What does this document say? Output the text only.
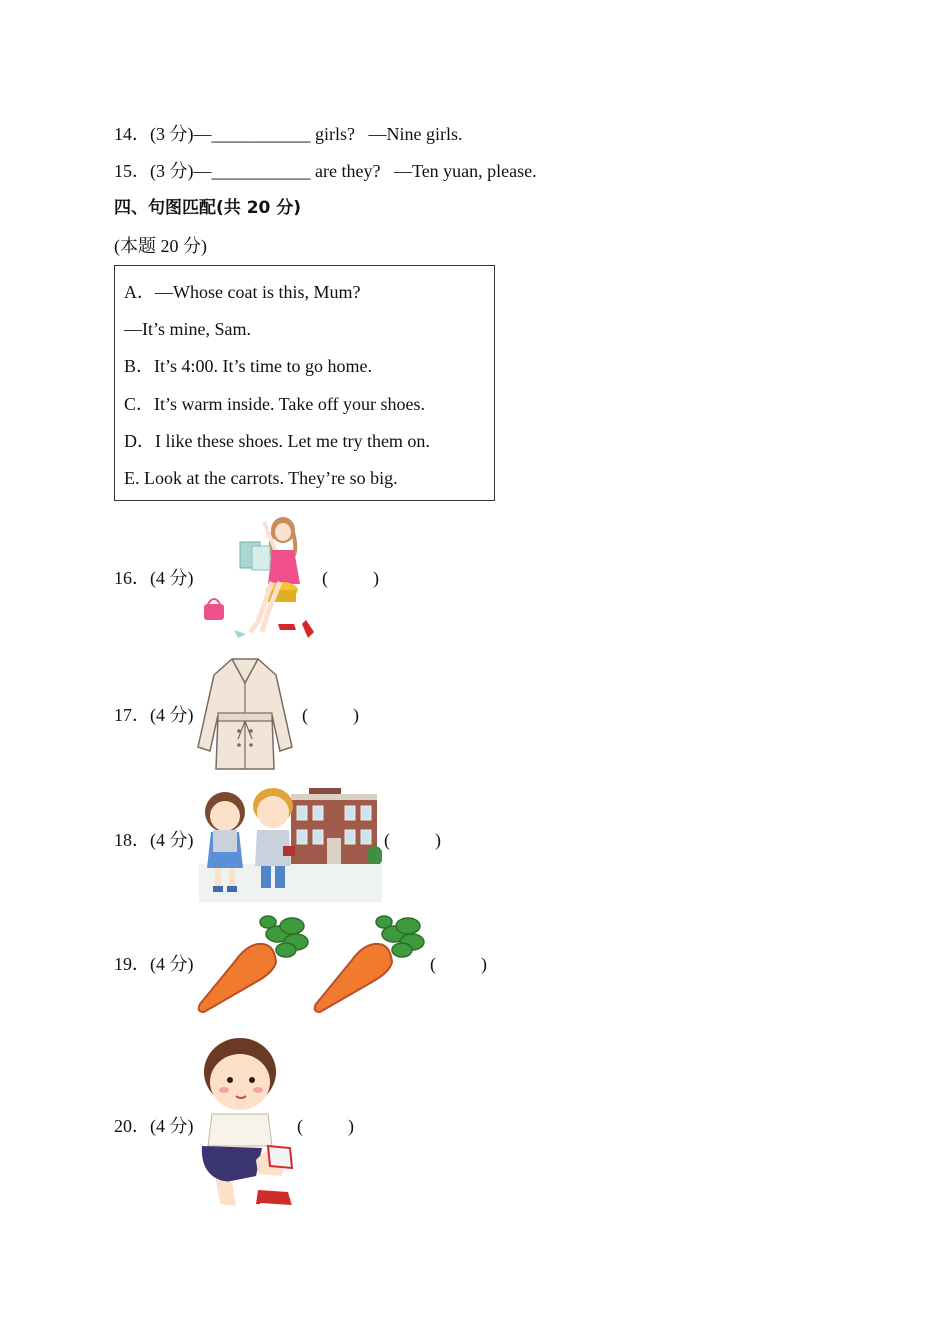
14．(3 分)—___________ girls?   —Nine girls.
15．(3 分)—___________ are they?   —Ten yuan, please.
四、句图匹配(共 20 分)
(本题 20 分)
A．—Whose coat is this, Mum?
—It’s mine, Sam.
B．It’s 4:00. It’s time to go home.
C．It’s warm inside. Take off your shoes.
D．I like these shoes. Let me try them on.
E. Look at the carrots. They’re so big.
16．(4 分)	(          )
17．(4 分)	(          )
18．(4 分)	(          )
19．(4 分)	(          )
20．(4 分)	(          )
